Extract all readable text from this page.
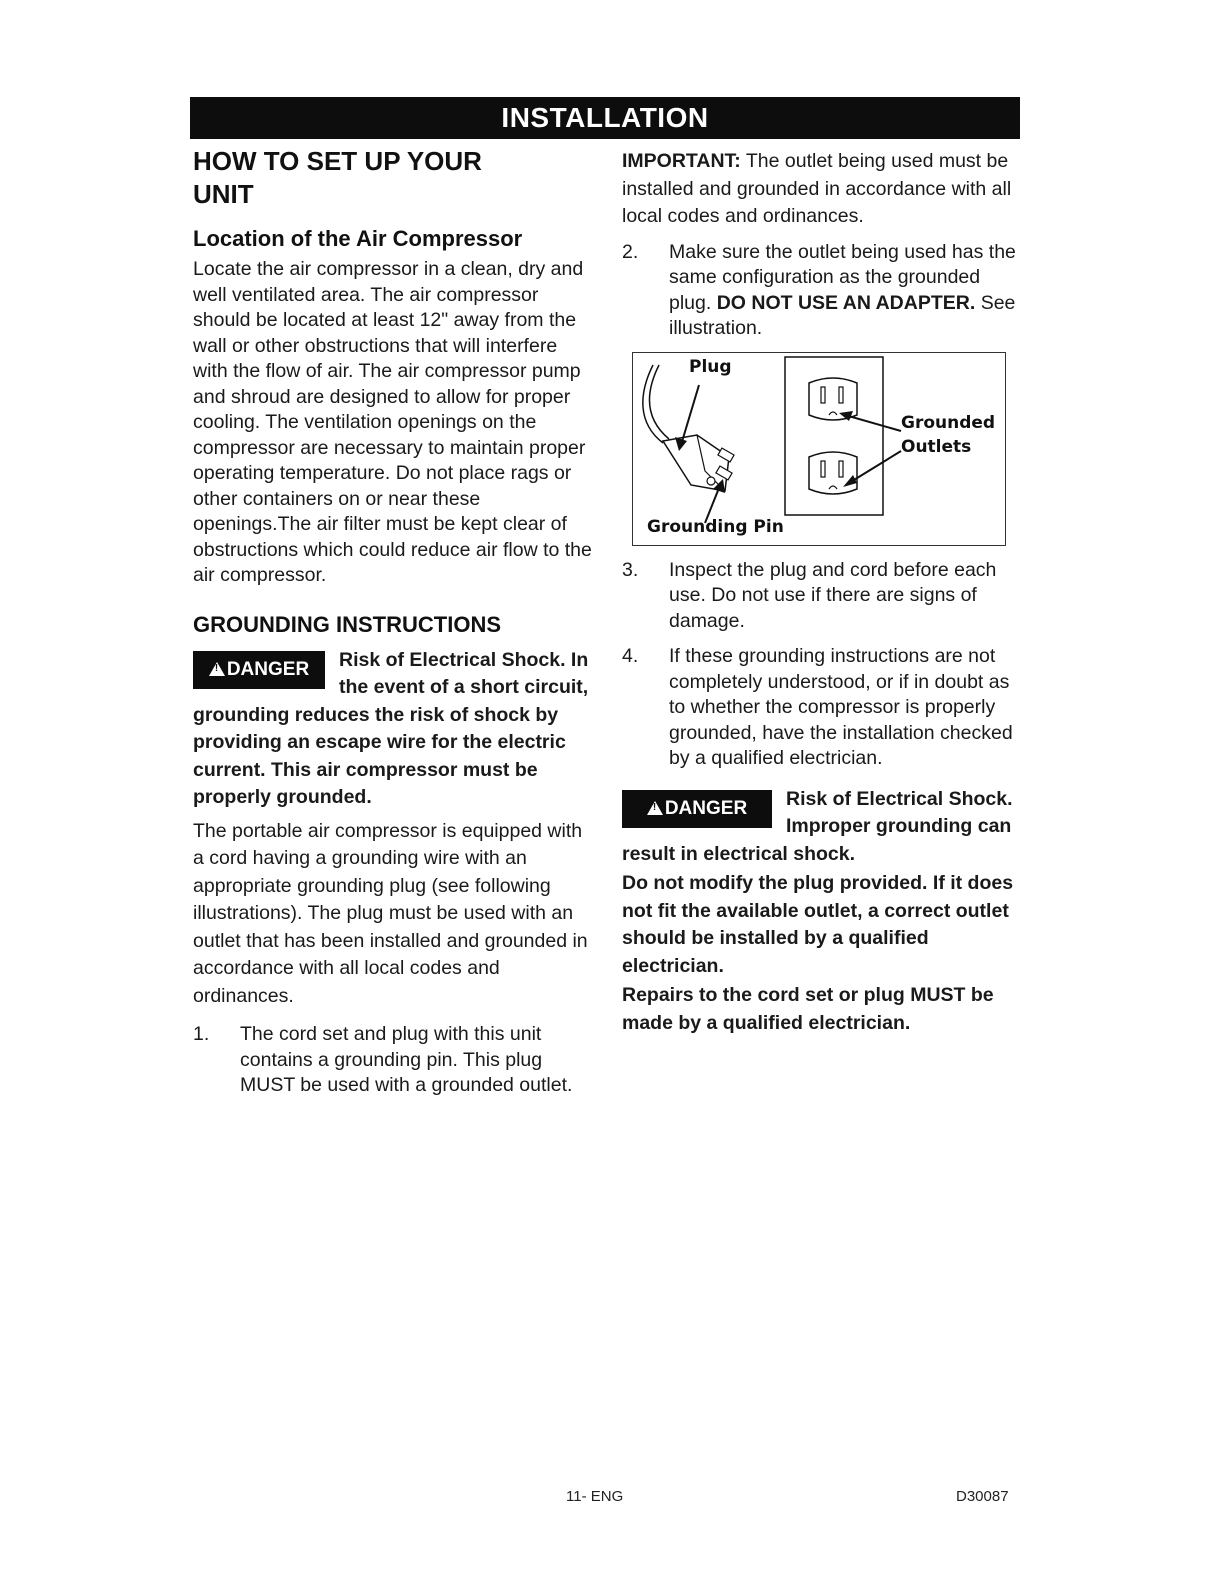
INSTALLATION
HOW TO SET UP YOUR UNIT
Location of the Air Compressor

Locate the air compressor in a clean, dry and well ventilated area. The air compressor should be located at least 12" away from the wall or other obstructions that will interfere with the flow of air. The air compressor pump and shroud are designed to allow for proper cooling. The ventilation openings on the compressor are necessary to maintain proper operating temperature. Do not place rags or other containers on or near these openings.The air filter must be kept clear of obstructions which could reduce air flow to the air compressor.

GROUNDING INSTRUCTIONS
!DANGER	Risk of Electrical Shock. In the event of a short circuit, grounding reduces the risk of shock by providing an escape wire for the electric current. This air compressor must be properly grounded.

The portable air compressor is equipped with a cord having a grounding wire with an appropriate grounding plug (see following illustrations). The plug must be used with an outlet that has been installed and grounded in accordance with all local codes and ordinances.

1. The cord set and plug with this unit contains a grounding pin. This plug MUST be used with a grounded outlet.

IMPORTANT: The outlet being used must be installed and grounded in accordance with all local codes and ordinances.

2. Make sure the outlet being used has the same configuration as the grounded plug. DO NOT USE AN ADAPTER. See illustration.
Plug
Grounded
Outlets
Grounding Pin
3. Inspect the plug and cord before each use. Do not use if there are signs of damage.
4. If these grounding instructions are not completely understood, or if in doubt as to whether the compressor is properly grounded, have the installation checked by a qualified electrician.
!DANGER	Risk of Electrical Shock. Improper grounding can result in electrical shock.

Do not modify the plug provided. If it does not fit the available outlet, a correct outlet should be installed by a qualified electrician.

Repairs to the cord set or plug MUST be made by a qualified electrician.

11- ENG	D30087
